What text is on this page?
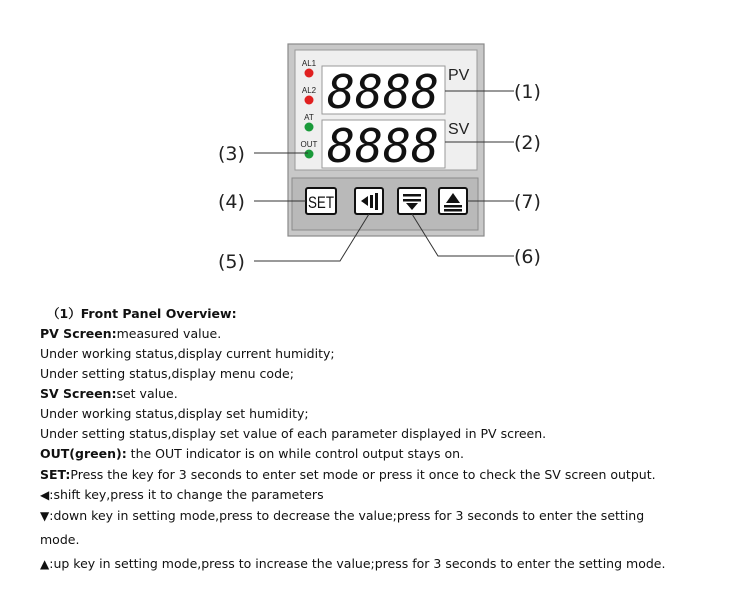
8888 PV
8888 SV
AL1
AL2
AT
OUT
SET
(1)
(2)
(3)
(4)
(5)	(6)
(7)
（1）Front Panel Overview:
PV Screen:measured value.
Under working status,display current humidity;
Under setting status,display menu code;
SV Screen:set value.
Under working status,display set humidity;
Under setting status,display set value of each parameter displayed in PV screen.
OUT(green): the OUT indicator is on while control output stays on.
SET:Press the key for 3 seconds to enter set mode or press it once to check the SV screen output.
◀:shift key,press it to change the parameters
▼:down key in setting mode,press to decrease the value;press for 3 seconds to enter the setting
mode.
▲:up key in setting mode,press to increase the value;press for 3 seconds to enter the setting mode.
